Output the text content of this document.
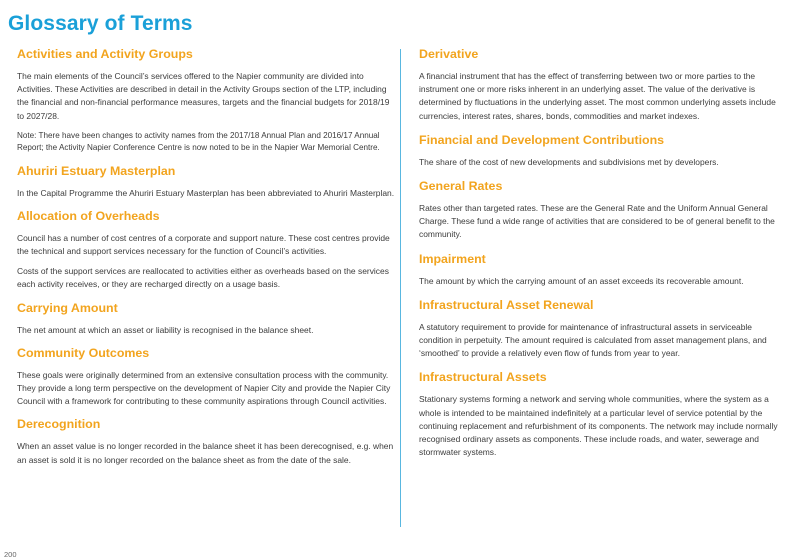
Glossary of Terms
Activities and Activity Groups

The main elements of the Council’s services offered to the Napier community are divided into Activities. These Activities are described in detail in the Activity Groups section of the LTP, including the financial and non-financial performance measures, targets and the financial budgets for 2018/19 to 2027/28.

Note: There have been changes to activity names from the 2017/18 Annual Plan and 2016/17 Annual Report; the Activity Napier Conference Centre is now noted to be in the Napier War Memorial Centre.

Ahuriri Estuary Masterplan

In the Capital Programme the Ahuriri Estuary Masterplan has been abbreviated to Ahuriri Masterplan.

Allocation of Overheads

Council has a number of cost centres of a corporate and support nature. These cost centres provide the technical and support services necessary for the function of Council’s activities.

Costs of the support services are reallocated to activities either as overheads based on the services each activity receives, or they are recharged directly on a usage basis.

Carrying Amount

The net amount at which an asset or liability is recognised in the balance sheet.

Community Outcomes

These goals were originally determined from an extensive consultation process with the community. They provide a long term perspective on the development of Napier City and provide the Napier City Council with a framework for contributing to these community aspirations through Council activities.

Derecognition

When an asset value is no longer recorded in the balance sheet it has been derecognised, e.g. when an asset is sold it is no longer recorded on the balance sheet as from the date of the sale.

Derivative

A financial instrument that has the effect of transferring between two or more parties to the instrument one or more risks inherent in an underlying asset. The value of the derivative is determined by fluctuations in the underlying asset. The most common underlying assets include currencies, interest rates, shares, bonds, commodities and market indexes.

Financial and Development Contributions

The share of the cost of new developments and subdivisions met by developers.

General Rates

Rates other than targeted rates. These are the General Rate and the Uniform Annual General Charge. These fund a wide range of activities that are considered to be of general benefit to the community.

Impairment

The amount by which the carrying amount of an asset exceeds its recoverable amount.

Infrastructural Asset Renewal

A statutory requirement to provide for maintenance of infrastructural assets in serviceable condition in perpetuity. The amount required is calculated from asset management plans, and ‘smoothed’ to provide a relatively even flow of funds from year to year.

Infrastructural Assets

Stationary systems forming a network and serving whole communities, where the system as a whole is intended to be maintained indefinitely at a particular level of service potential by the continuing replacement and refurbishment of its components. The network may include normally recognised ordinary assets as components. These include roads, and water, sewerage and stormwater systems.

200
